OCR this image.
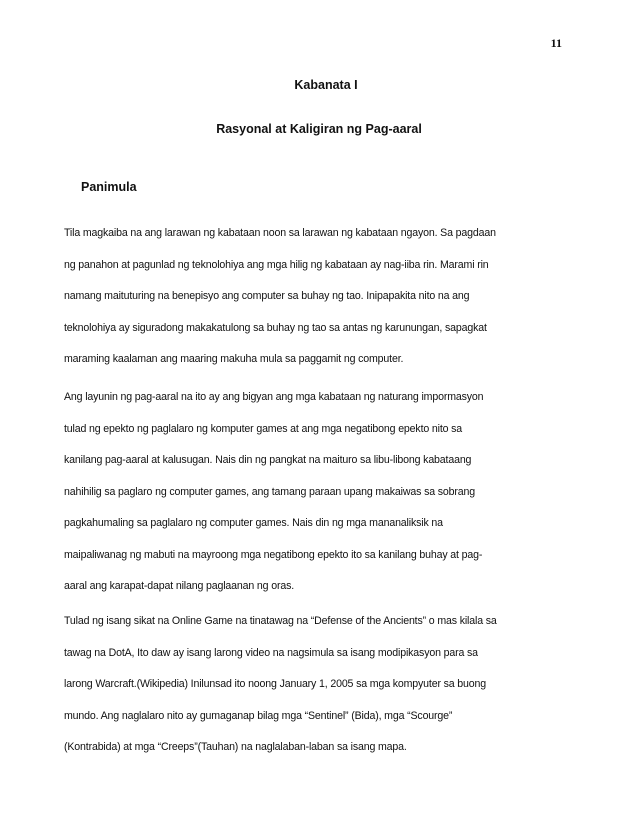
11
Kabanata I
Rasyonal at Kaligiran ng Pag-aaral
Panimula
Tila magkaiba na ang larawan ng kabataan noon sa larawan ng kabataan ngayon. Sa pagdaan
ng panahon at pagunlad ng teknolohiya ang mga hilig ng kabataan ay nag-iiba rin. Marami rin
namang maituturing na benepisyo ang computer sa buhay ng tao. Inipapakita nito na ang
teknolohiya ay siguradong makakatulong sa buhay ng tao sa antas ng karunungan, sapagkat
maraming kaalaman ang maaring makuha mula sa paggamit ng computer.
Ang layunin ng pag-aaral na ito ay ang bigyan ang mga kabataan ng naturang impormasyon
tulad ng epekto ng paglalaro ng komputer games at ang mga negatibong epekto nito sa
kanilang pag-aaral at kalusugan. Nais din ng pangkat na maituro sa libu-libong kabataang
nahihilig sa paglaro ng computer games, ang tamang paraan upang makaiwas sa sobrang
pagkahumaling sa paglalaro ng computer games. Nais din ng mga mananaliksik na
maipaliwanag ng mabuti na mayroong mga negatibong epekto ito sa kanilang buhay at pag-
aaral ang karapat-dapat nilang paglaanan ng oras.
Tulad ng isang sikat na Online Game na tinatawag na “Defense of the Ancients” o mas kilala sa
tawag na DotA, Ito daw ay isang larong video na nagsimula sa isang modipikasyon para sa
larong Warcraft.(Wikipedia) Inilunsad ito noong January 1, 2005 sa mga kompyuter sa buong
mundo. Ang naglalaro nito ay gumaganap bilag mga “Sentinel” (Bida), mga “Scourge”
(Kontrabida) at mga “Creeps”(Tauhan) na naglalaban-laban sa isang mapa.
